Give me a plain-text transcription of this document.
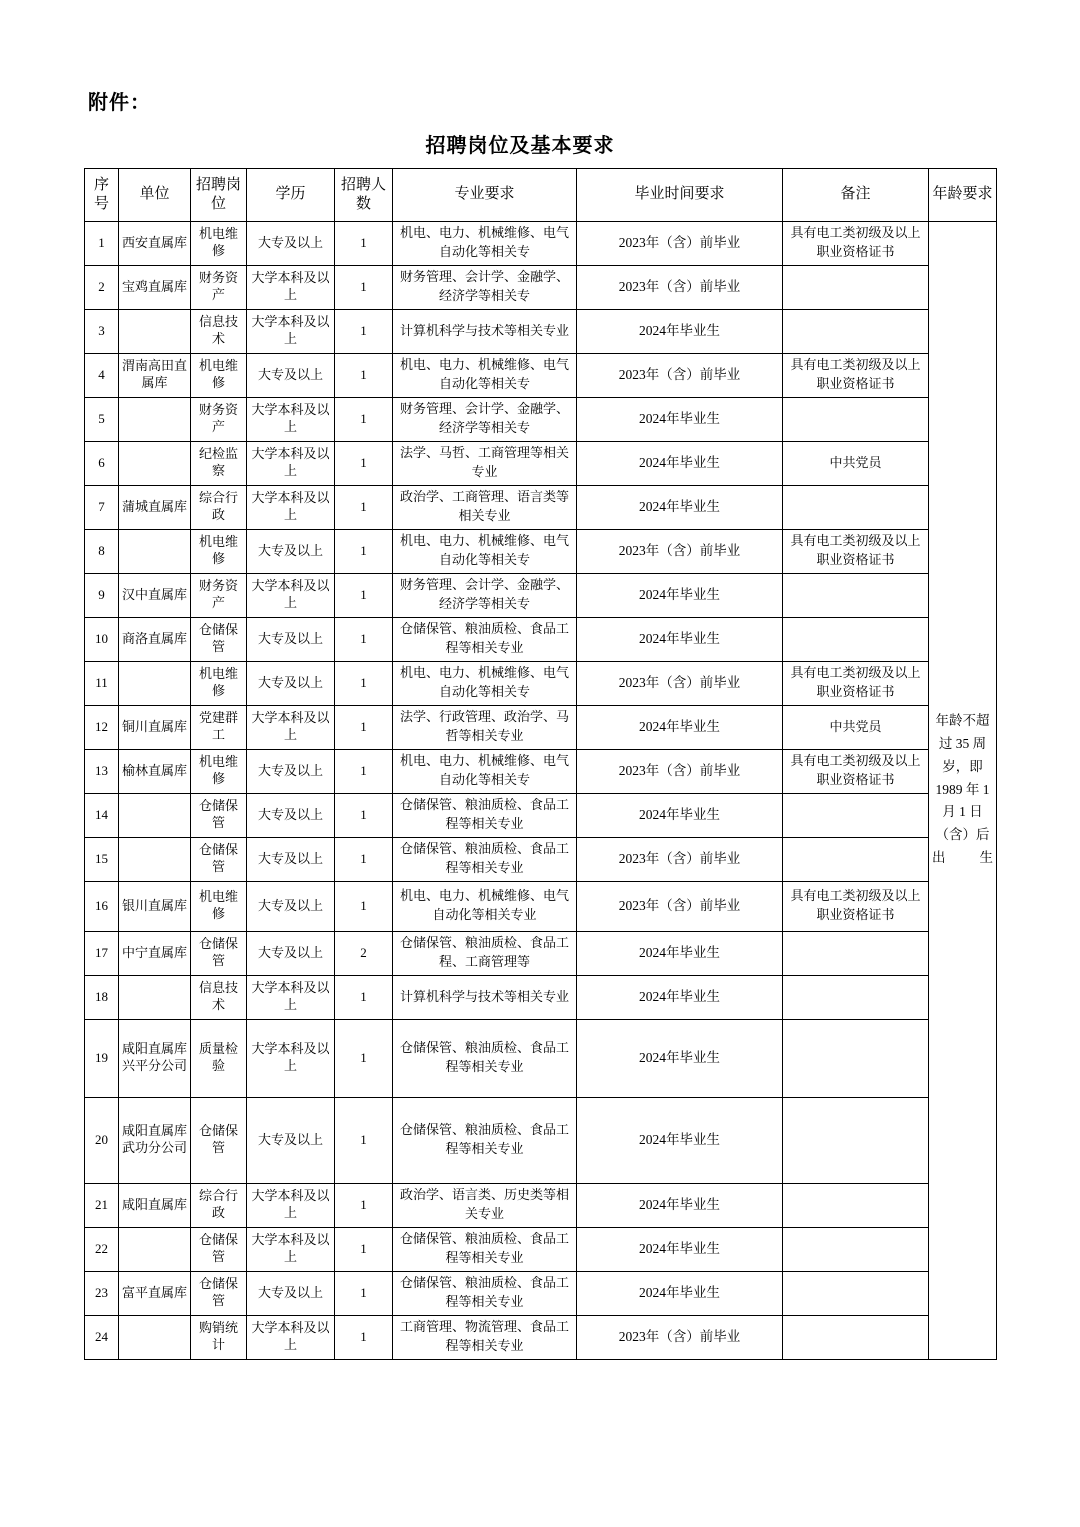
附件：
招聘岗位及基本要求
序号	单位	招聘岗位	学历	招聘人数	专业要求	毕业时间要求	备注	年龄要求
1	西安直属库	机电维修	大专及以上	1	机电、电力、机械维修、电气自动化等相关专	2023年（含）前毕业	具有电工类初级及以上职业资格证书	年龄不超过 35 周岁，即 1989 年 1 月 1 日（含）后出生
2	宝鸡直属库	财务资产	大学本科及以上	1	财务管理、会计学、金融学、经济学等相关专	2023年（含）前毕业		
3		信息技术	大学本科及以上	1	计算机科学与技术等相关专业	2024年毕业生		
4	渭南高田直属库	机电维修	大专及以上	1	机电、电力、机械维修、电气自动化等相关专	2023年（含）前毕业	具有电工类初级及以上职业资格证书	
5		财务资产	大学本科及以上	1	财务管理、会计学、金融学、经济学等相关专	2024年毕业生		
6		纪检监察	大学本科及以上	1	法学、马哲、工商管理等相关专业	2024年毕业生	中共党员	
7	蒲城直属库	综合行政	大学本科及以上	1	政治学、工商管理、语言类等相关专业	2024年毕业生		
8		机电维修	大专及以上	1	机电、电力、机械维修、电气自动化等相关专	2023年（含）前毕业	具有电工类初级及以上职业资格证书	
9	汉中直属库	财务资产	大学本科及以上	1	财务管理、会计学、金融学、经济学等相关专	2024年毕业生		
10	商洛直属库	仓储保管	大专及以上	1	仓储保管、粮油质检、食品工程等相关专业	2024年毕业生		
11		机电维修	大专及以上	1	机电、电力、机械维修、电气自动化等相关专	2023年（含）前毕业	具有电工类初级及以上职业资格证书	
12	铜川直属库	党建群工	大学本科及以上	1	法学、行政管理、政治学、马哲等相关专业	2024年毕业生	中共党员	
13	榆林直属库	机电维修	大专及以上	1	机电、电力、机械维修、电气自动化等相关专	2023年（含）前毕业	具有电工类初级及以上职业资格证书	
14		仓储保管	大专及以上	1	仓储保管、粮油质检、食品工程等相关专业	2024年毕业生		
15		仓储保管	大专及以上	1	仓储保管、粮油质检、食品工程等相关专业	2023年（含）前毕业		
16	银川直属库	机电维修	大专及以上	1	机电、电力、机械维修、电气自动化等相关专业	2023年（含）前毕业	具有电工类初级及以上职业资格证书	
17	中宁直属库	仓储保管	大专及以上	2	仓储保管、粮油质检、食品工程、工商管理等	2024年毕业生		
18		信息技术	大学本科及以上	1	计算机科学与技术等相关专业	2024年毕业生		
19	咸阳直属库兴平分公司	质量检验	大学本科及以上	1	仓储保管、粮油质检、食品工程等相关专业	2024年毕业生		
20	咸阳直属库武功分公司	仓储保管	大专及以上	1	仓储保管、粮油质检、食品工程等相关专业	2024年毕业生		
21	咸阳直属库	综合行政	大学本科及以上	1	政治学、语言类、历史类等相关专业	2024年毕业生		
22		仓储保管	大学本科及以上	1	仓储保管、粮油质检、食品工程等相关专业	2024年毕业生		
23	富平直属库	仓储保管	大专及以上	1	仓储保管、粮油质检、食品工程等相关专业	2024年毕业生		
24		购销统计	大学本科及以上	1	工商管理、物流管理、食品工程等相关专业	2023年（含）前毕业		
